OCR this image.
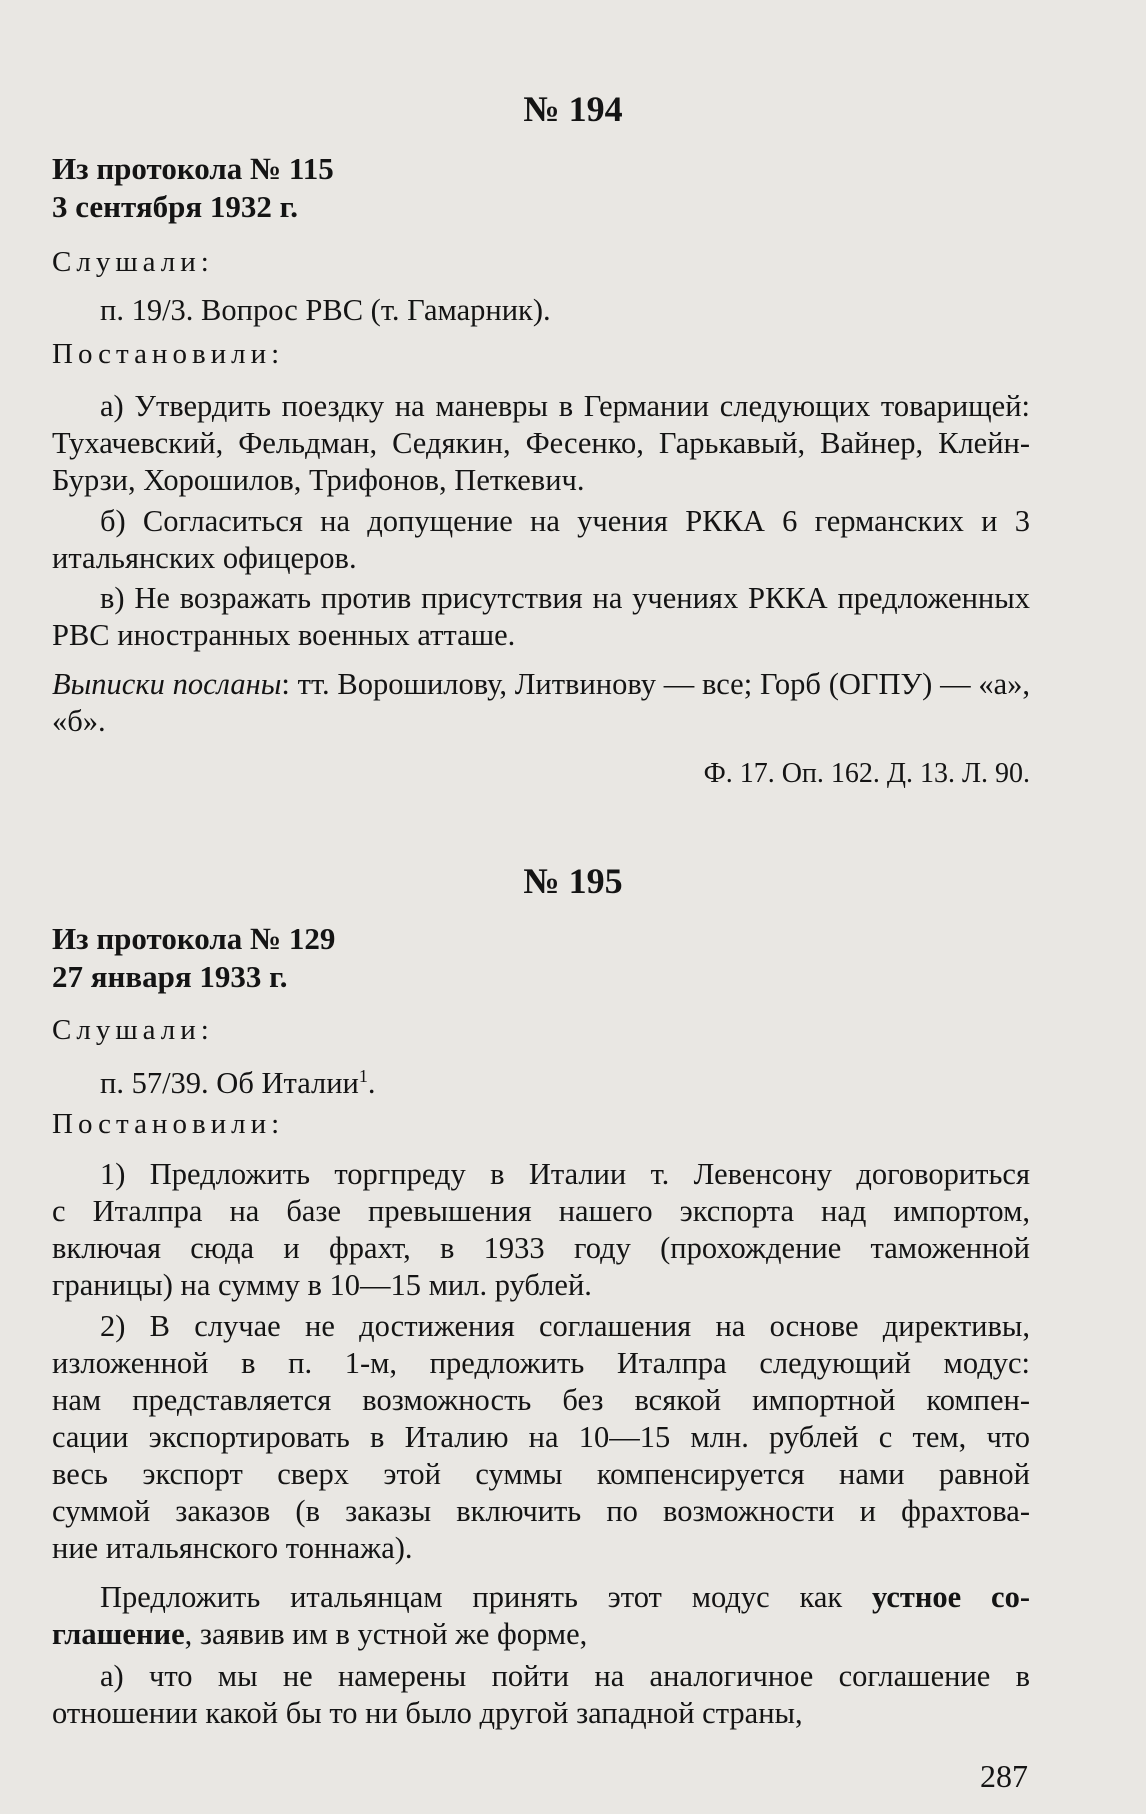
№ 194
Из протокола № 115
3 сентября 1932 г.
Слушали:
п. 19/3. Вопрос РВС (т. Гамарник).
Постановили:
а) Утвердить поездку на маневры в Германии следующих товарищей: Тухачевский, Фельдман, Седякин, Фесенко, Гарькавый, Вайнер, Клейн-Бурзи, Хорошилов, Трифонов, Петкевич.
б) Согласиться на допущение на учения РККА 6 германских и 3 итальянских офицеров.
в) Не возражать против присутствия на учениях РККА предложенных РВС иностранных военных атташе.
Выписки посланы: тт. Ворошилову, Литвинову — все; Горб (ОГПУ) — «а», «б».
Ф. 17. Оп. 162. Д. 13. Л. 90.
№ 195
Из протокола № 129
27 января 1933 г.
Слушали:
п. 57/39. Об Италии$^1$.
Постановили:
1) Предложить торгпреду в Италии т. Левенсону договориться
с Италпра на базе превышения нашего экспорта над импортом,
включая сюда и фрахт, в 1933 году (прохождение таможенной
границы) на сумму в 10—15 мил. рублей.
2) В случае не достижения соглашения на основе директивы,
изложенной в п. 1-м, предложить Италпра следующий модус:
нам представляется возможность без всякой импортной компен-
сации экспортировать в Италию на 10—15 млн. рублей с тем, что
весь экспорт сверх этой суммы компенсируется нами равной
суммой заказов (в заказы включить по возможности и фрахтова-
ние итальянского тоннажа).
Предложить итальянцам принять этот модус как устное со-
глашение, заявив им в устной же форме,
а) что мы не намерены пойти на аналогичное соглашение в
отношении какой бы то ни было другой западной страны,
287
